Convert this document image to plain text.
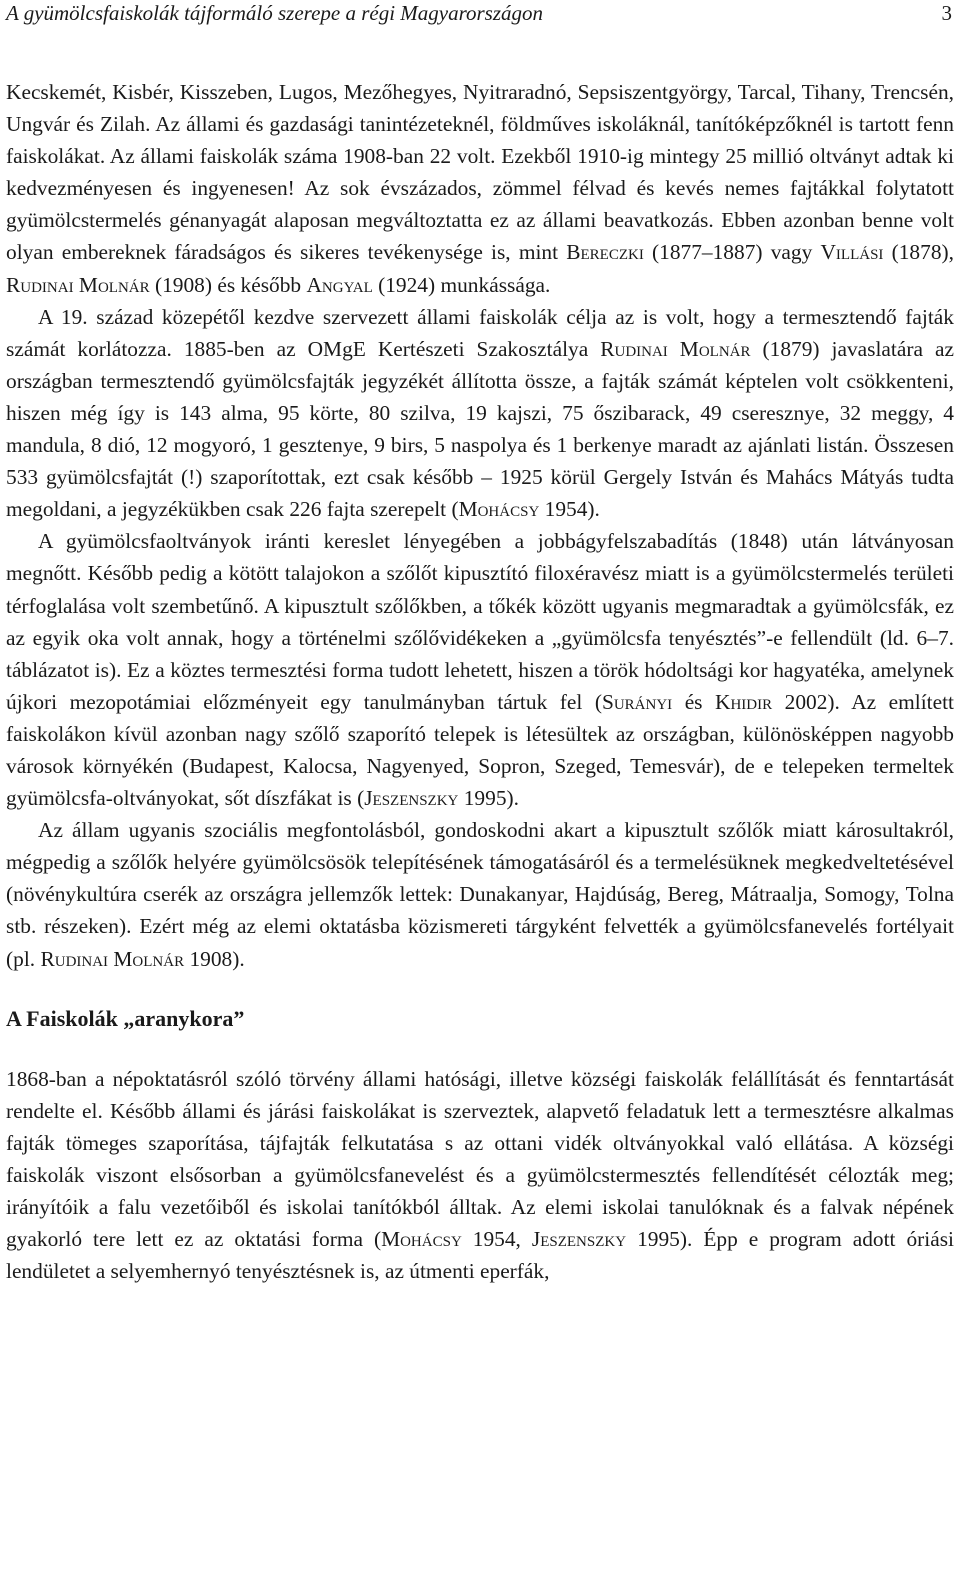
A gyümölcsfaiskolák tájformáló szerepe a régi Magyarországon	3

Kecskemét, Kisbér, Kisszeben, Lugos, Mezőhegyes, Nyitraradnó, Sepsiszentgyörgy, Tarcal, Tihany, Trencsén, Ungvár és Zilah. Az állami és gazdasági tanintézeteknél, földműves iskoláknál, tanítóképzőknél is tartott fenn faiskolákat. Az állami faiskolák száma 1908-ban 22 volt. Ezekből 1910-ig mintegy 25 millió oltványt adtak ki kedvezményesen és ingyenesen! Az sok évszázados, zömmel félvad és kevés nemes fajtákkal folytatott gyümölcstermelés génanyagát alaposan megváltoztatta ez az állami beavatkozás. Ebben azonban benne volt olyan embereknek fáradságos és sikeres tevékenysége is, mint Bereczki (1877–1887) vagy Villási (1878), Rudinai Molnár (1908) és később Angyal (1924) munkássága.

A 19. század közepétől kezdve szervezett állami faiskolák célja az is volt, hogy a termesztendő fajták számát korlátozza. 1885-ben az OMgE Kertészeti Szakosztálya Rudinai Molnár (1879) javaslatára az országban termesztendő gyümölcsfajták jegyzékét állította össze, a fajták számát képtelen volt csökkenteni, hiszen még így is 143 alma, 95 körte, 80 szilva, 19 kajszi, 75 őszibarack, 49 cseresznye, 32 meggy, 4 mandula, 8 dió, 12 mogyoró, 1 gesztenye, 9 birs, 5 naspolya és 1 berkenye maradt az ajánlati listán. Összesen 533 gyümölcsfajtát (!) szaporítottak, ezt csak később – 1925 körül Gergely István és Mahács Mátyás tudta megoldani, a jegyzékükben csak 226 fajta szerepelt (Mohácsy 1954).

A gyümölcsfaoltványok iránti kereslet lényegében a jobbágyfelszabadítás (1848) után látványosan megnőtt. Később pedig a kötött talajokon a szőlőt kipusztító filoxéravész miatt is a gyümölcstermelés területi térfoglalása volt szembetűnő. A kipusztult szőlőkben, a tőkék között ugyanis megmaradtak a gyümölcsfák, ez az egyik oka volt annak, hogy a történelmi szőlővidékeken a „gyümölcsfa tenyésztés”-e fellendült (ld. 6–7. táblázatot is). Ez a köztes termesztési forma tudott lehetett, hiszen a török hódoltsági kor hagyatéka, amelynek újkori mezopotámiai előzményeit egy tanulmányban tártuk fel (Surányi és Khidir 2002). Az említett faiskolákon kívül azonban nagy szőlő szaporító telepek is létesültek az országban, különösképpen nagyobb városok környékén (Budapest, Kalocsa, Nagyenyed, Sopron, Szeged, Temesvár), de e telepeken termeltek gyümölcsfa-oltványokat, sőt díszfákat is (Jeszenszky 1995).

Az állam ugyanis szociális megfontolásból, gondoskodni akart a kipusztult szőlők miatt károsultakról, mégpedig a szőlők helyére gyümölcsösök telepítésének támogatásáról és a termelésüknek megkedveltetésével (növénykultúra cserék az országra jellemzők lettek: Dunakanyar, Hajdúság, Bereg, Mátraalja, Somogy, Tolna stb. részeken). Ezért még az elemi oktatásba közismereti tárgyként felvették a gyümölcsfanevelés fortélyait (pl. Rudinai Molnár 1908).

A Faiskolák „aranykora”

1868-ban a népoktatásról szóló törvény állami hatósági, illetve községi faiskolák felállítását és fenntartását rendelte el. Később állami és járási faiskolákat is szerveztek, alapvető feladatuk lett a termesztésre alkalmas fajták tömeges szaporítása, tájfajták felkutatása s az ottani vidék oltványokkal való ellátása. A községi faiskolák viszont elsősorban a gyümölcsfanevelést és a gyümölcstermesztés fellendítését célozták meg; irányítóik a falu vezetőiből és iskolai tanítókból álltak. Az elemi iskolai tanulóknak és a falvak népének gyakorló tere lett ez az oktatási forma (Mohácsy 1954, Jeszenszky 1995). Épp e program adott óriási lendületet a selyemhernyó tenyésztésnek is, az útmenti eperfák,
